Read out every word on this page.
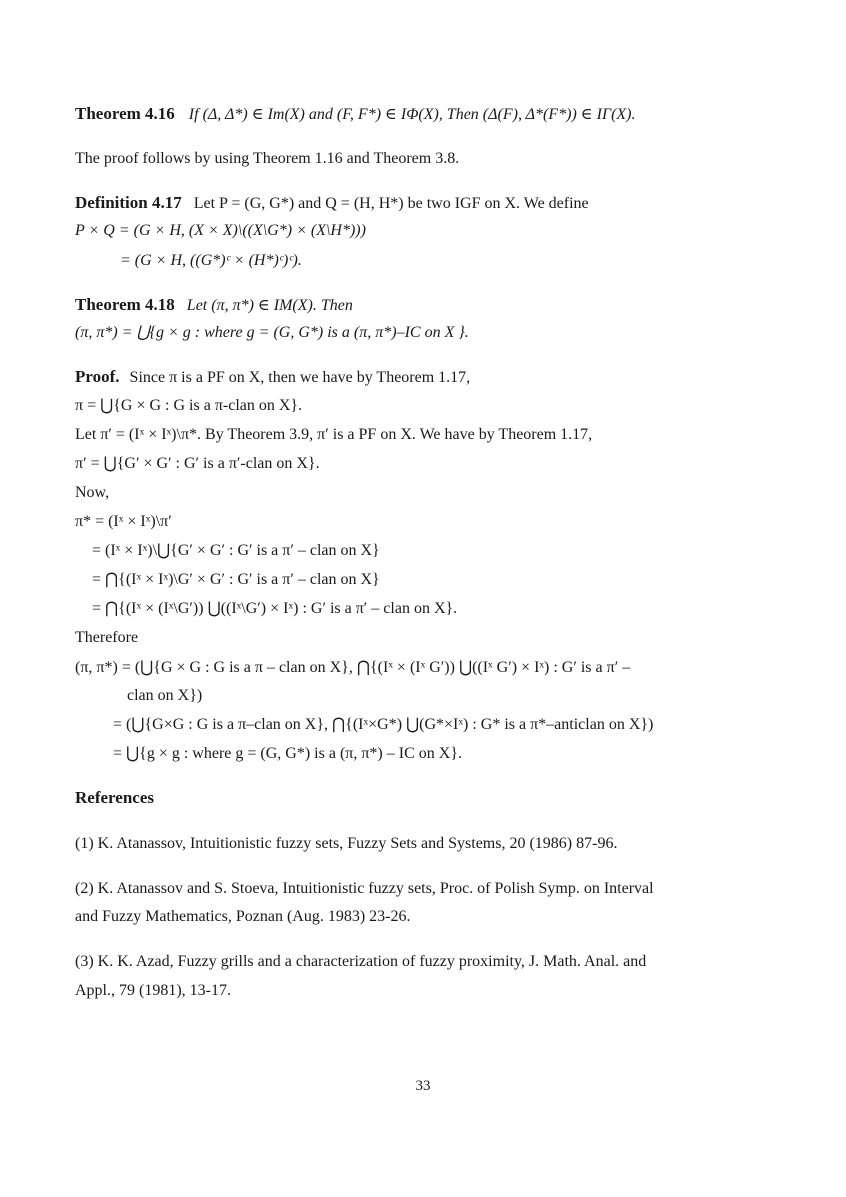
Theorem 4.16 If (Δ, Δ*) ∈ Im(X) and (F, F*) ∈ IΦ(X), Then (Δ(F), Δ*(F*)) ∈ IΓ(X).
The proof follows by using Theorem 1.16 and Theorem 3.8.
Definition 4.17 Let P = (G, G*) and Q = (H, H*) be two IGF on X. We define
P × Q = (G × H, (X × X)\((X\G*) × (X\H*)))
= (G × H, ((G*)ᶜ × (H*)ᶜ)ᶜ).
Theorem 4.18 Let (π, π*) ∈ IM(X). Then
(π, π*) = ⋃{g × g : where g = (G, G*) is a (π, π*)–IC on X }.
Proof. Since π is a PF on X, then we have by Theorem 1.17,
π = ⋃{G × G : G is a π-clan on X}.
Let π′ = (Iˣ × Iˣ)\π*. By Theorem 3.9, π′ is a PF on X. We have by Theorem 1.17,
π′ = ⋃{G′ × G′ : G′ is a π′-clan on X}.
Now,
π* = (Iˣ × Iˣ)\π′
= (Iˣ × Iˣ)\⋃{G′ × G′ : G′ is a π′ – clan on X}
= ⋂{(Iˣ × Iˣ)\G′ × G′ : G′ is a π′ – clan on X}
= ⋂{(Iˣ × (Iˣ\G′)) ⋃((Iˣ\G′) × Iˣ) : G′ is a π′ – clan on X}.
Therefore
(π, π*) = (⋃{G × G : G is a π – clan on X}, ⋂{(Iˣ × (Iˣ G′)) ⋃((Iˣ G′) × Iˣ) : G′ is a π′ –
clan on X})
= (⋃{G×G : G is a π–clan on X}, ⋂{(Iˣ×G*) ⋃(G*×Iˣ) : G* is a π*–anticlan on X})
= ⋃{g × g : where g = (G, G*) is a (π, π*) – IC on X}.
References
(1) K. Atanassov, Intuitionistic fuzzy sets, Fuzzy Sets and Systems, 20 (1986) 87-96.
(2) K. Atanassov and S. Stoeva, Intuitionistic fuzzy sets, Proc. of Polish Symp. on Interval
and Fuzzy Mathematics, Poznan (Aug. 1983) 23-26.
(3) K. K. Azad, Fuzzy grills and a characterization of fuzzy proximity, J. Math. Anal. and
Appl., 79 (1981), 13-17.
33
